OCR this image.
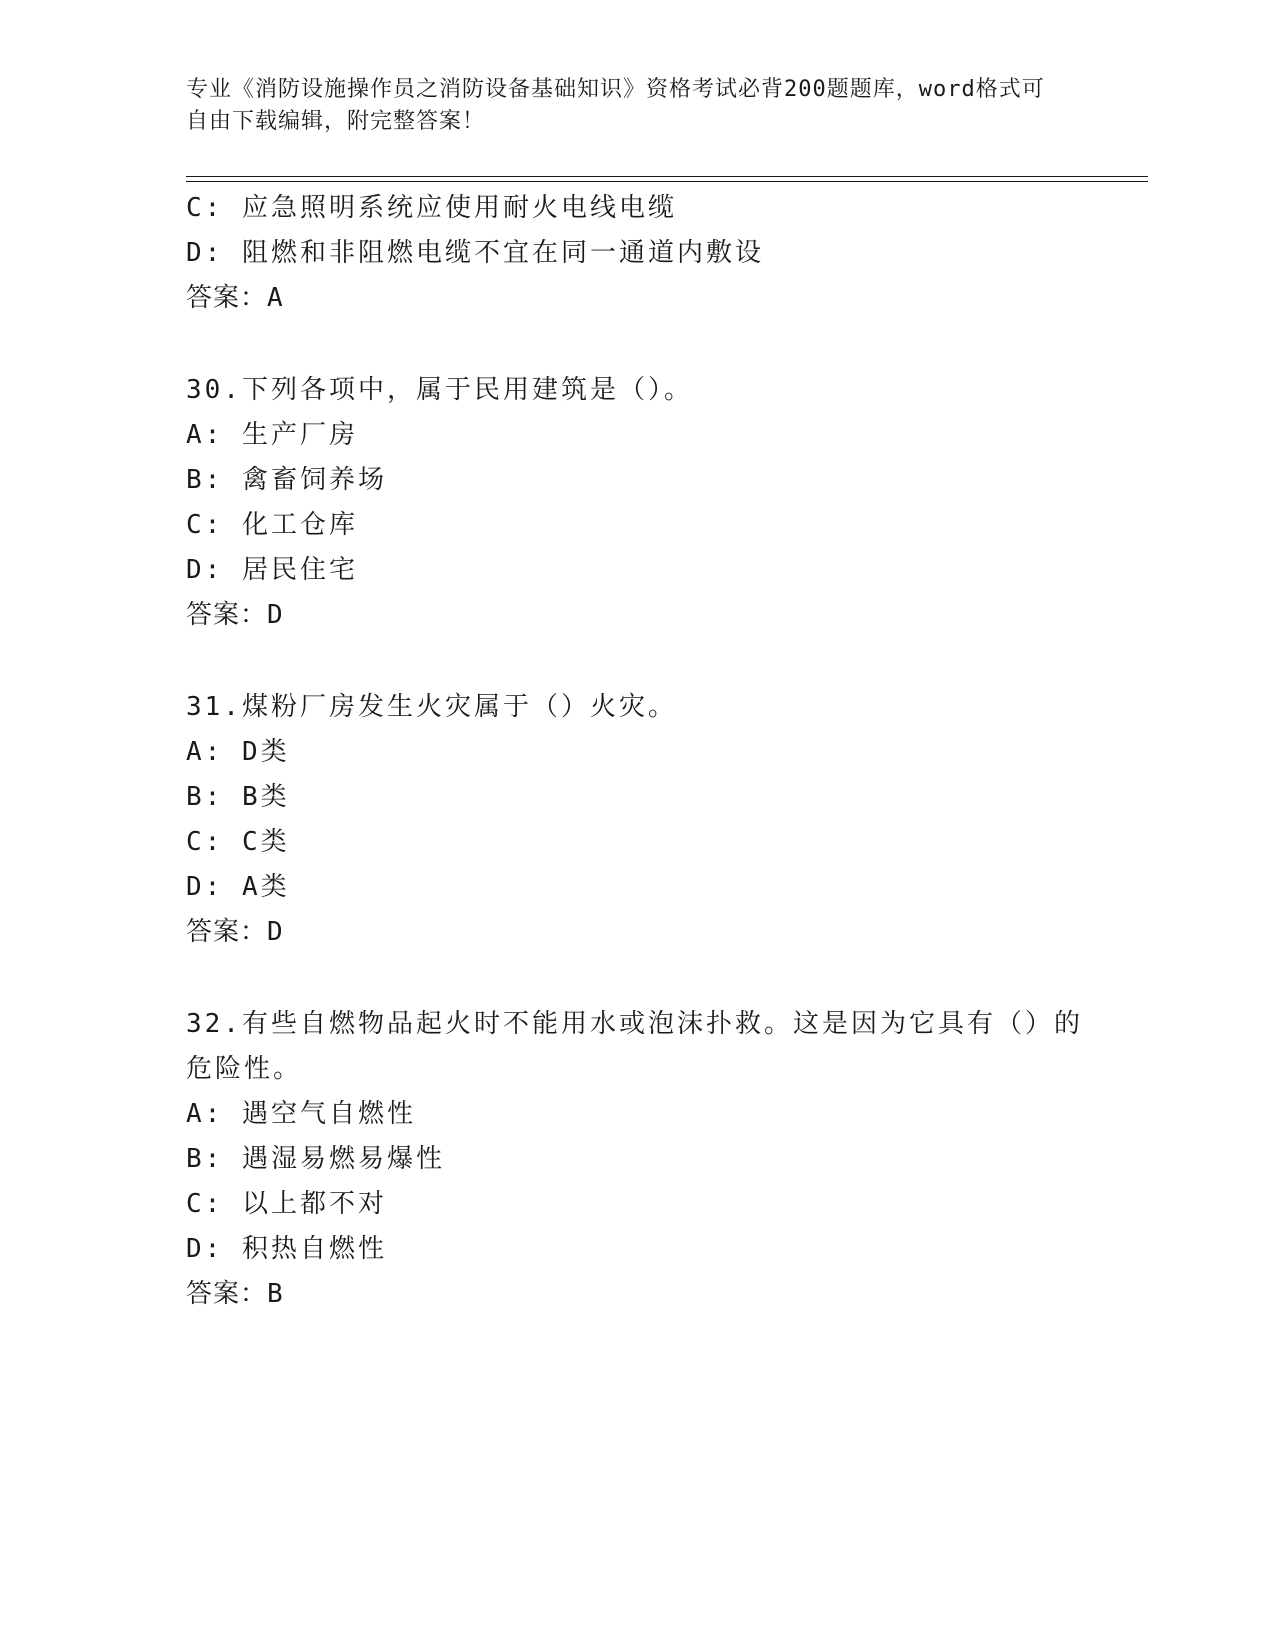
专业《消防设施操作员之消防设备基础知识》资格考试必背200题题库，word格式可自由下载编辑，附完整答案！
C: 应急照明系统应使用耐火电线电缆
D: 阻燃和非阻燃电缆不宜在同一通道内敷设
答案：A
30.下列各项中，属于民用建筑是（）。
A: 生产厂房
B: 禽畜饲养场
C: 化工仓库
D: 居民住宅
答案：D
31.煤粉厂房发生火灾属于（）火灾。
A: D类
B: B类
C: C类
D: A类
答案：D
32.有些自燃物品起火时不能用水或泡沫扑救。这是因为它具有（）的危险性。
A: 遇空气自燃性
B: 遇湿易燃易爆性
C: 以上都不对
D: 积热自燃性
答案：B
